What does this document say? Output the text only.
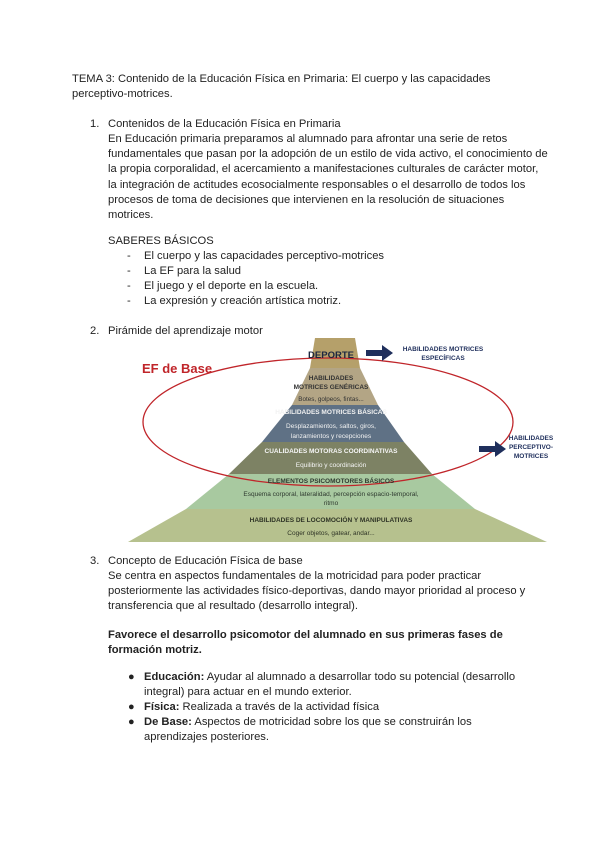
TEMA 3: Contenido de la Educación Física en Primaria: El cuerpo y las capacidades perceptivo-motrices.
1. Contenidos de la Educación Física en Primaria
En Educación primaria preparamos al alumnado para afrontar una serie de retos fundamentales que pasan por la adopción de un estilo de vida activo, el conocimiento de la propia corporalidad, el acercamiento a manifestaciones culturales de carácter motor, la integración de actitudes ecosocialmente responsables o el desarrollo de todos los procesos de toma de decisiones que intervienen en la resolución de situaciones motrices.
SABERES BÁSICOS
- El cuerpo y las capacidades perceptivo-motrices
- La EF para la salud
- El juego y el deporte en la escuela.
- La expresión y creación artística motriz.
2. Pirámide del aprendizaje motor
EF de Base
DEPORTE
HABILIDADES
MOTRICES GENÉRICAS
Botes, golpeos, fintas...
HABILIDADES MOTRICES BÁSICAS
Desplazamientos, saltos, giros,
lanzamientos y recepciones
CUALIDADES MOTORAS COORDINATIVAS
Equilibrio y coordinación
ELEMENTOS PSICOMOTORES BÁSICOS
Esquema corporal, lateralidad, percepción espacio-temporal,
ritmo
HABILIDADES DE LOCOMOCIÓN Y MANIPULATIVAS
Coger objetos, gatear, andar...
HABILIDADES MOTRICES
ESPECÍFICAS
HABILIDADES
PERCEPTIVO-
MOTRICES
3. Concepto de Educación Física de base
Se centra en aspectos fundamentales de la motricidad para poder practicar posteriormente las actividades físico-deportivas, dando mayor prioridad al proceso y transferencia que al resultado (desarrollo integral).
Favorece el desarrollo psicomotor del alumnado en sus primeras fases de formación motriz.
● Educación: Ayudar al alumnado a desarrollar todo su potencial (desarrollo integral) para actuar en el mundo exterior.
● Física: Realizada a través de la actividad física
● De Base: Aspectos de motricidad sobre los que se construirán los aprendizajes posteriores.
